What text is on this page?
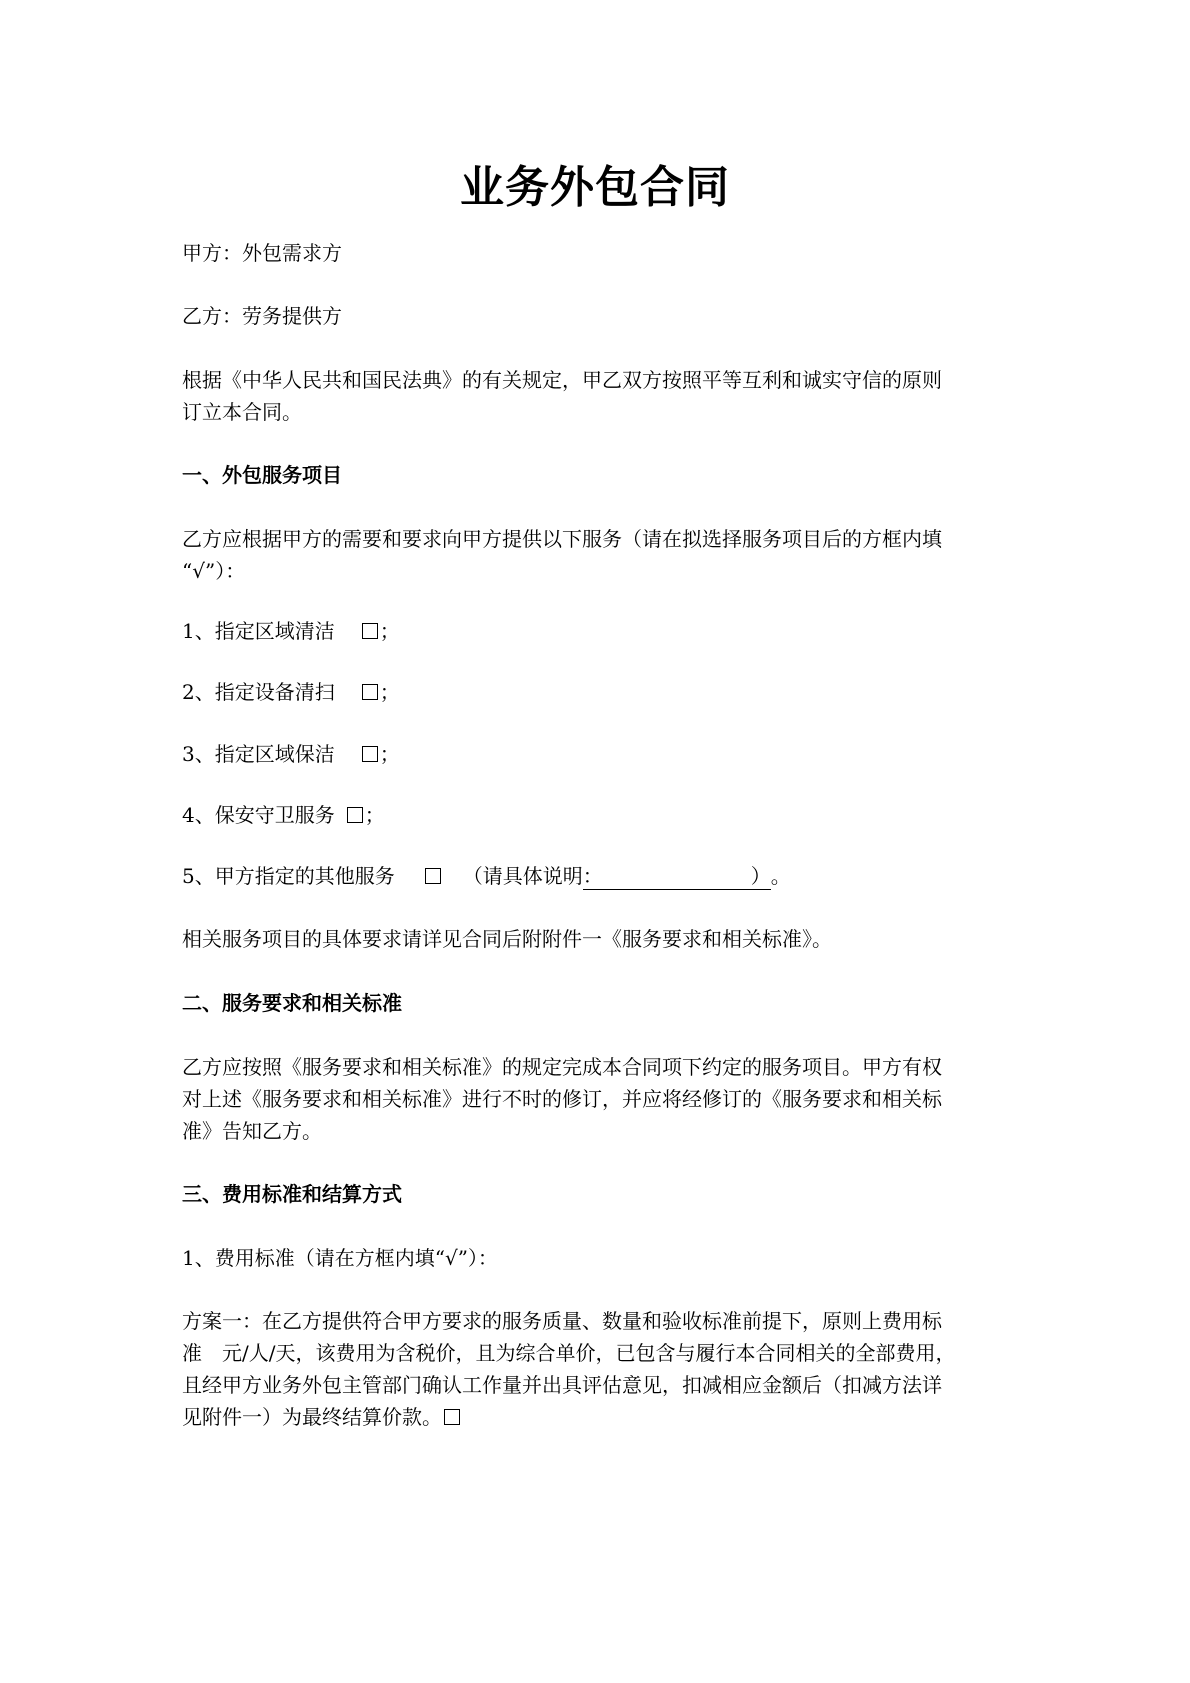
业务外包合同
甲方：外包需求方
乙方：劳务提供方
根据《中华人民共和国民法典》的有关规定，甲乙双方按照平等互利和诚实守信的原则
订立本合同。
一、外包服务项目
乙方应根据甲方的需要和要求向甲方提供以下服务（请在拟选择服务项目后的方框内填
“√”）：
1、指定区域清洁 ；
2、指定设备清扫 ；
3、指定区域保洁 ；
4、保安守卫服务 ；
5、甲方指定的其他服务	（请具体说明：	）。
相关服务项目的具体要求请详见合同后附附件一《服务要求和相关标准》。
二、服务要求和相关标准
乙方应按照《服务要求和相关标准》的规定完成本合同项下约定的服务项目。甲方有权
对上述《服务要求和相关标准》进行不时的修订，并应将经修订的《服务要求和相关标
准》告知乙方。
三、费用标准和结算方式
1、费用标准（请在方框内填“√”）：
方案一：在乙方提供符合甲方要求的服务质量、数量和验收标准前提下，原则上费用标
准 元/人/天，该费用为含税价，且为综合单价，已包含与履行本合同相关的全部费用，
且经甲方业务外包主管部门确认工作量并出具评估意见，扣减相应金额后（扣减方法详
见附件一）为最终结算价款。
